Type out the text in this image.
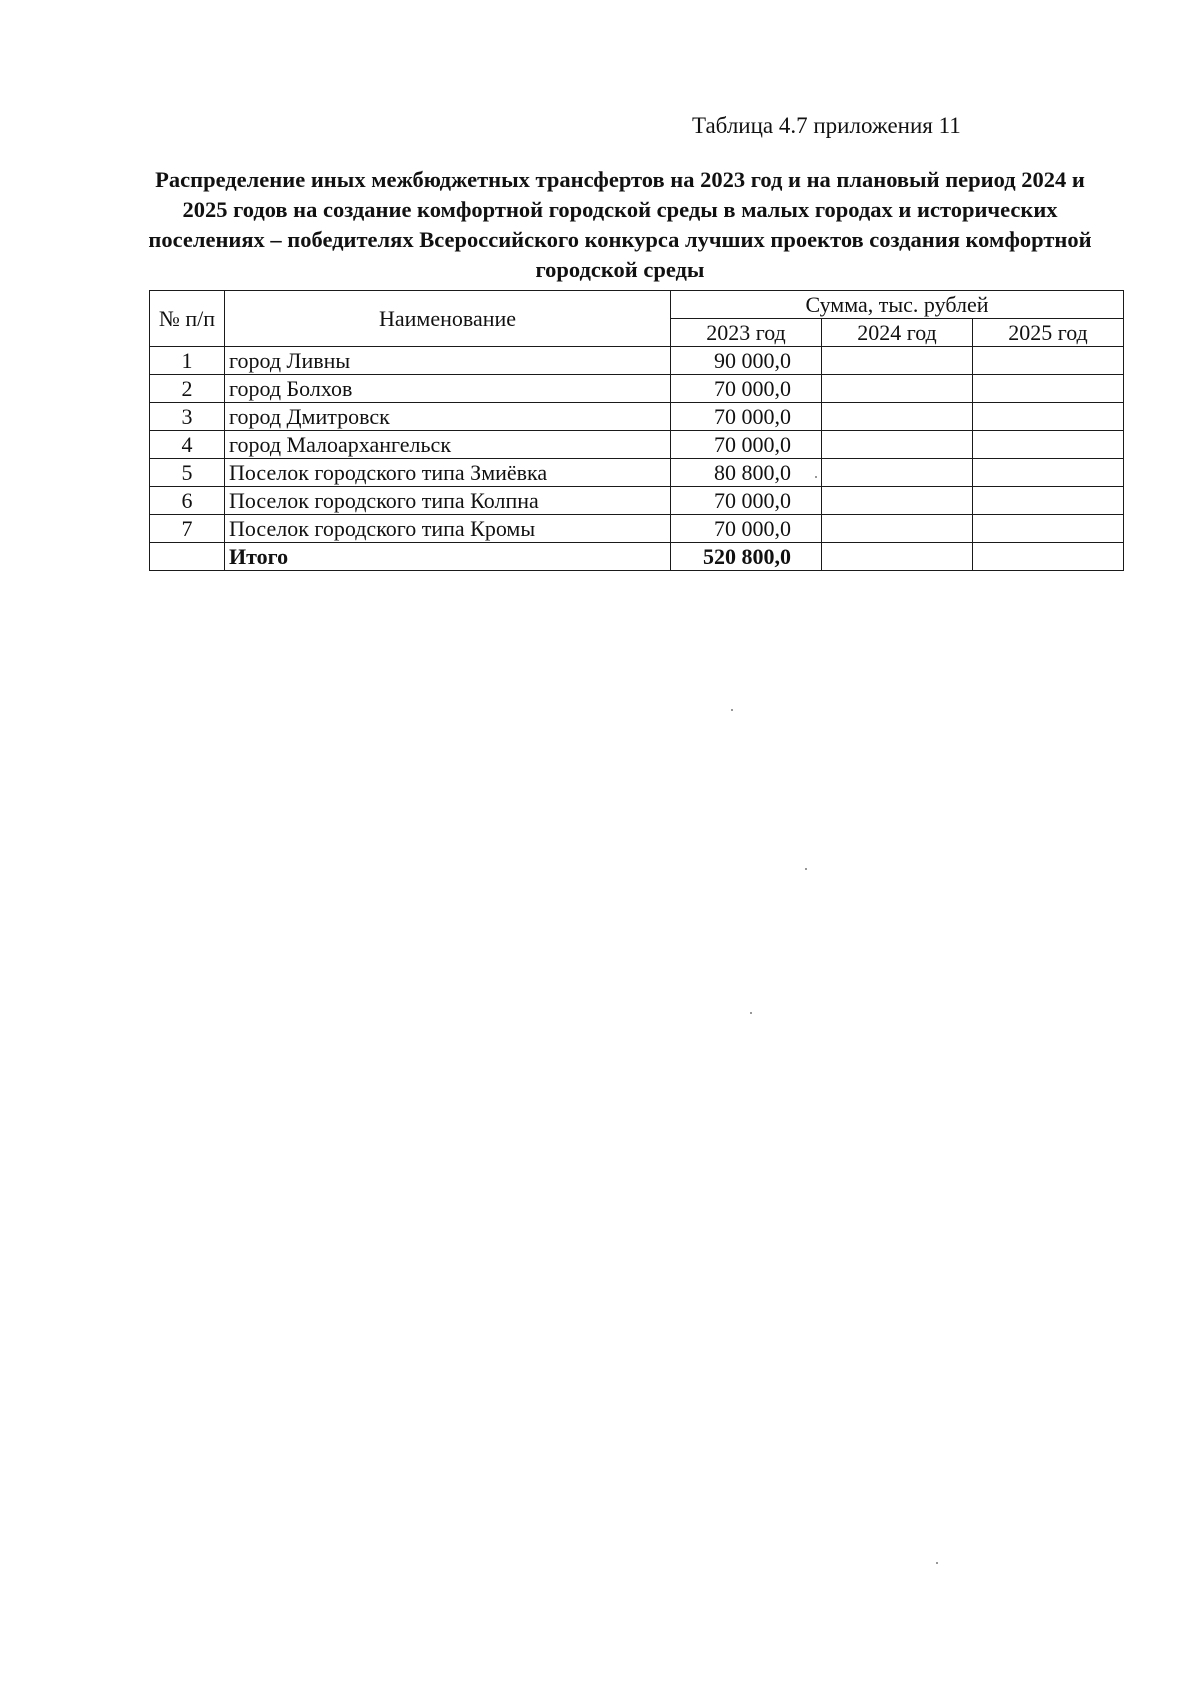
Таблица 4.7 приложения 11
Распределение иных межбюджетных трансфертов на 2023 год и на плановый период 2024 и 2025 годов на создание комфортной городской среды в малых городах и исторических поселениях – победителях Всероссийского конкурса лучших проектов создания комфортной городской среды
№ п/п	Наименование	Сумма, тыс. рублей		
		2023 год	2024 год	2025 год
1	город Ливны	90 000,0		
2	город Болхов	70 000,0		
3	город Дмитровск	70 000,0		
4	город Малоархангельск	70 000,0		
5	Поселок городского типа Змиёвка	80 800,0		
6	Поселок городского типа Колпна	70 000,0		
7	Поселок городского типа Кромы	70 000,0		
	Итого	520 800,0		
